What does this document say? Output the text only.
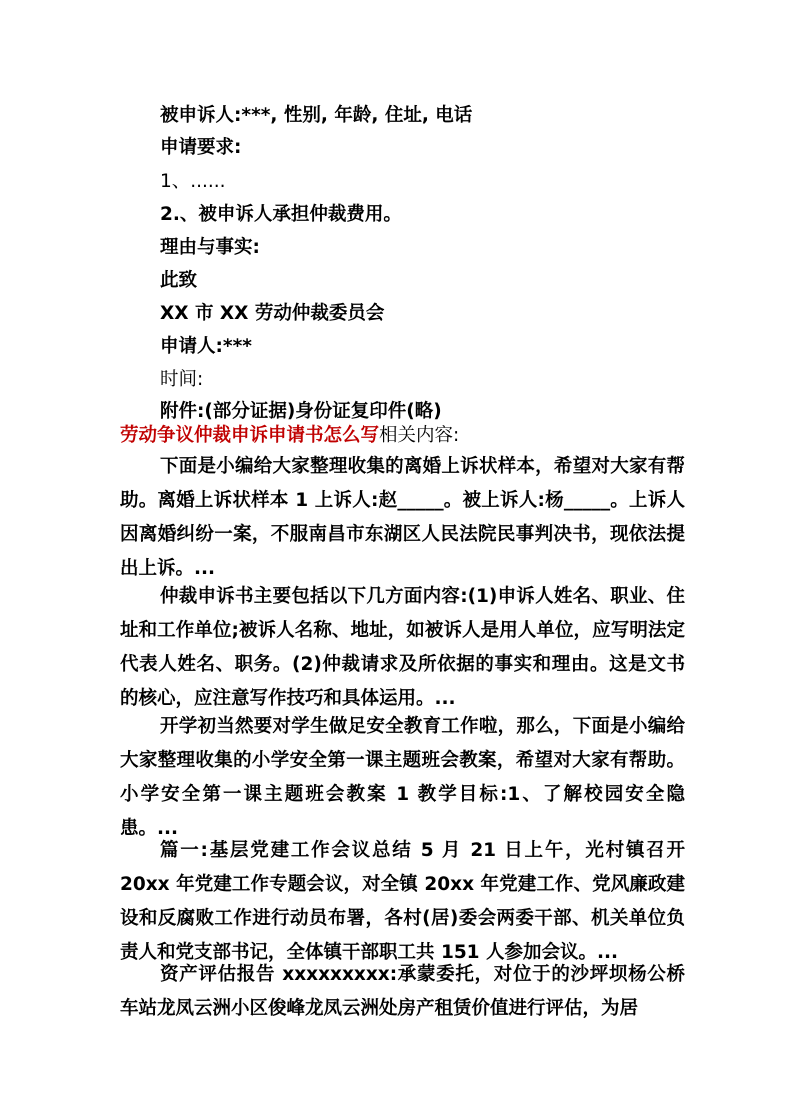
被申诉人:***, 性别, 年龄, 住址, 电话

申请要求:

1、......

2.、被申诉人承担仲裁费用。

理由与事实:

此致

XX 市 XX 劳动仲裁委员会

申请人:***

时间:

附件:(部分证据)身份证复印件(略)

劳动争议仲裁申诉申请书怎么写相关内容:

下面是小编给大家整理收集的离婚上诉状样本，希望对大家有帮助。离婚上诉状样本 1 上诉人:赵_____。被上诉人:杨_____。上诉人因离婚纠纷一案，不服南昌市东湖区人民法院民事判决书，现依法提出上诉。...

仲裁申诉书主要包括以下几方面内容:(1)申诉人姓名、职业、住址和工作单位;被诉人名称、地址，如被诉人是用人单位，应写明法定代表人姓名、职务。(2)仲裁请求及所依据的事实和理由。这是文书的核心，应注意写作技巧和具体运用。...

开学初当然要对学生做足安全教育工作啦，那么，下面是小编给大家整理收集的小学安全第一课主题班会教案，希望对大家有帮助。小学安全第一课主题班会教案 1 教学目标:1、了解校园安全隐患。...

篇一:基层党建工作会议总结 5 月 21 日上午，光村镇召开 20xx 年党建工作专题会议，对全镇 20xx 年党建工作、党风廉政建设和反腐败工作进行动员布署，各村(居)委会两委干部、机关单位负责人和党支部书记，全体镇干部职工共 151 人参加会议。...

资产评估报告 xxxxxxxxx:承蒙委托，对位于的沙坪坝杨公桥车站龙凤云洲小区俊峰龙凤云洲处房产租赁价值进行评估，为居
